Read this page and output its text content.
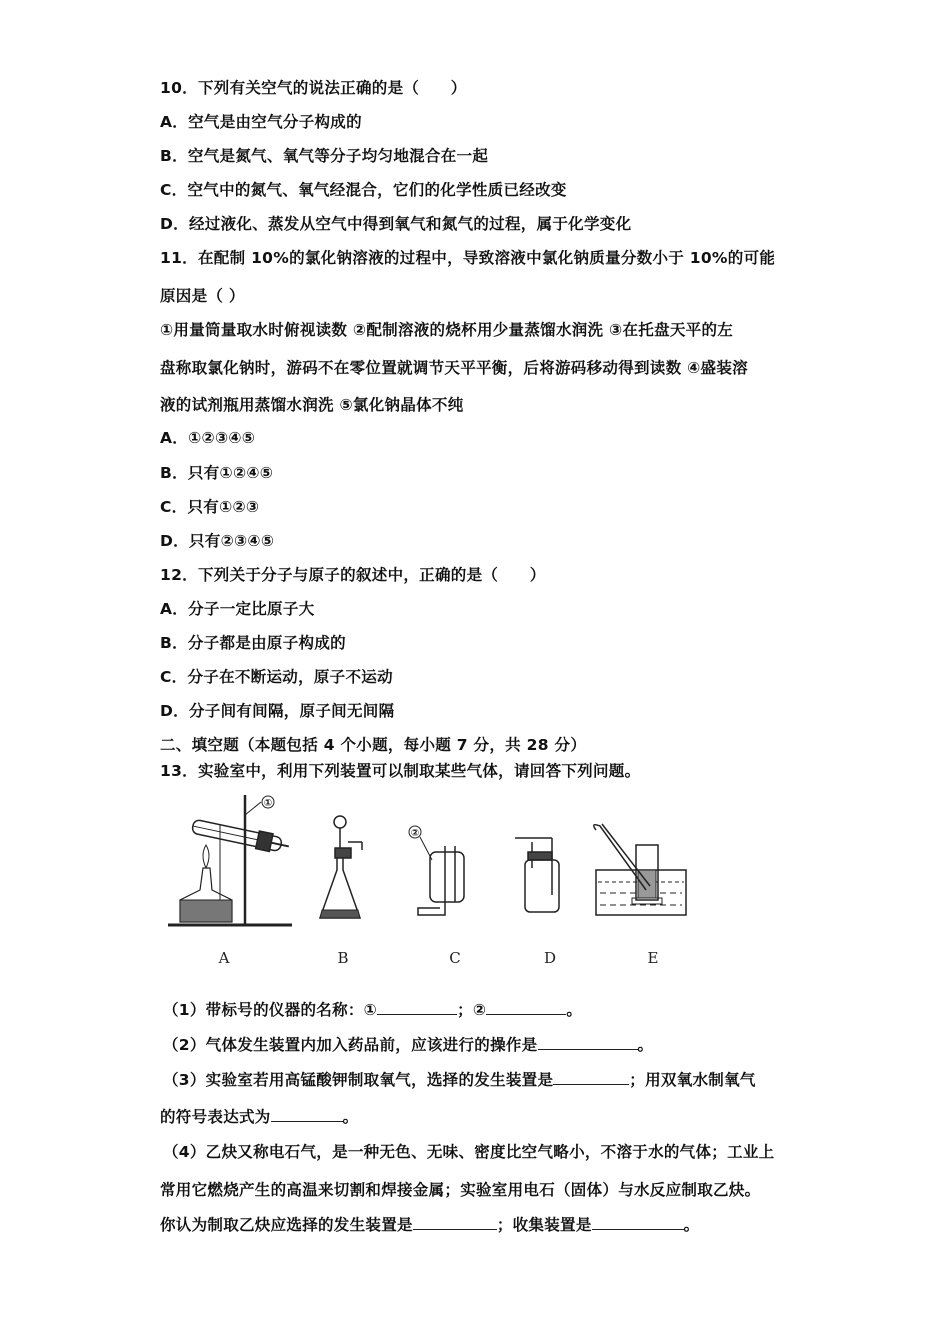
10．下列有关空气的说法正确的是（　　）
A．空气是由空气分子构成的
B．空气是氮气、氧气等分子均匀地混合在一起
C．空气中的氮气、氧气经混合，它们的化学性质已经改变
D．经过液化、蒸发从空气中得到氧气和氮气的过程，属于化学变化
11．在配制 10%的氯化钠溶液的过程中，导致溶液中氯化钠质量分数小于 10%的可能
原因是（ ）
①用量筒量取水时俯视读数 ②配制溶液的烧杯用少量蒸馏水润洗 ③在托盘天平的左
盘称取氯化钠时，游码不在零位置就调节天平平衡，后将游码移动得到读数 ④盛装溶
液的试剂瓶用蒸馏水润洗 ⑤氯化钠晶体不纯
A．①②③④⑤
B．只有①②④⑤
C．只有①②③
D．只有②③④⑤
12．下列关于分子与原子的叙述中，正确的是（　　）
A．分子一定比原子大
B．分子都是由原子构成的
C．分子在不断运动，原子不运动
D．分子间有间隔，原子间无间隔
二、填空题（本题包括 4 个小题，每小题 7 分，共 28 分）
13．实验室中，利用下列装置可以制取某些气体，请回答下列问题。
①
②
A	B	C	D	E
（1）带标号的仪器的名称：①	；②	。
（2）气体发生装置内加入药品前，应该进行的操作是	。
（3）实验室若用高锰酸钾制取氧气，选择的发生装置是	；用双氧水制氧气
的符号表达式为	。
（4）乙炔又称电石气，是一种无色、无味、密度比空气略小，不溶于水的气体；工业上
常用它燃烧产生的高温来切割和焊接金属；实验室用电石（固体）与水反应制取乙炔。
你认为制取乙炔应选择的发生装置是	；收集装置是	。
